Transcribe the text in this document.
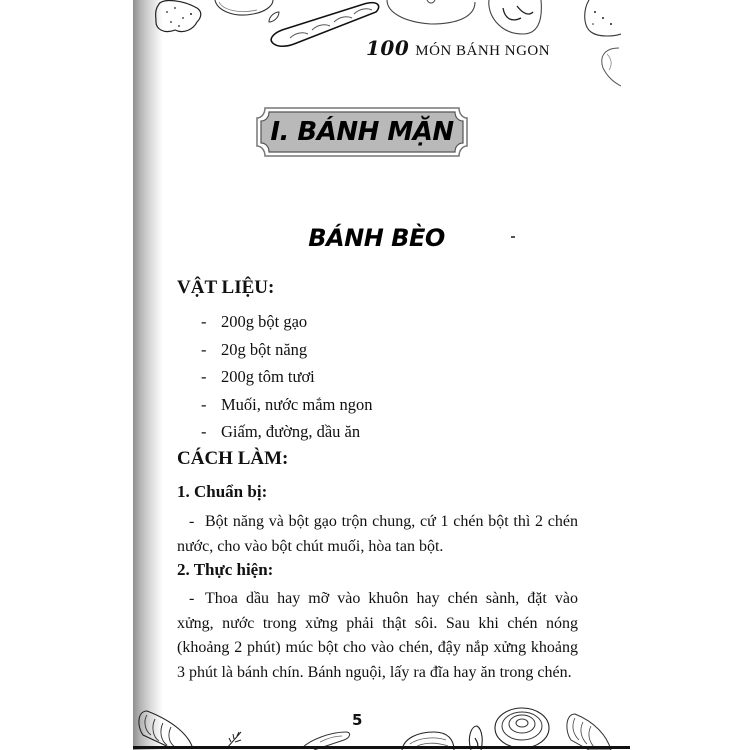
100 MÓN BÁNH NGON
I. BÁNH MẶN
BÁNH BÈO
VẬT LIỆU:
- 200g bột gạo
- 20g bột năng
- 200g tôm tươi
- Muối, nước mắm ngon
- Giấm, đường, dầu ăn
CÁCH LÀM:
1. Chuẩn bị:
- Bột năng và bột gạo trộn chung, cứ 1 chén bột thì 2 chén nước, cho vào bột chút muối, hòa tan bột.
2. Thực hiện:
- Thoa dầu hay mỡ vào khuôn hay chén sành, đặt vào xửng, nước trong xửng phải thật sôi. Sau khi chén nóng (khoảng 2 phút) múc bột cho vào chén, đậy nắp xửng khoảng 3 phút là bánh chín. Bánh nguội, lấy ra đĩa hay ăn trong chén.
5
